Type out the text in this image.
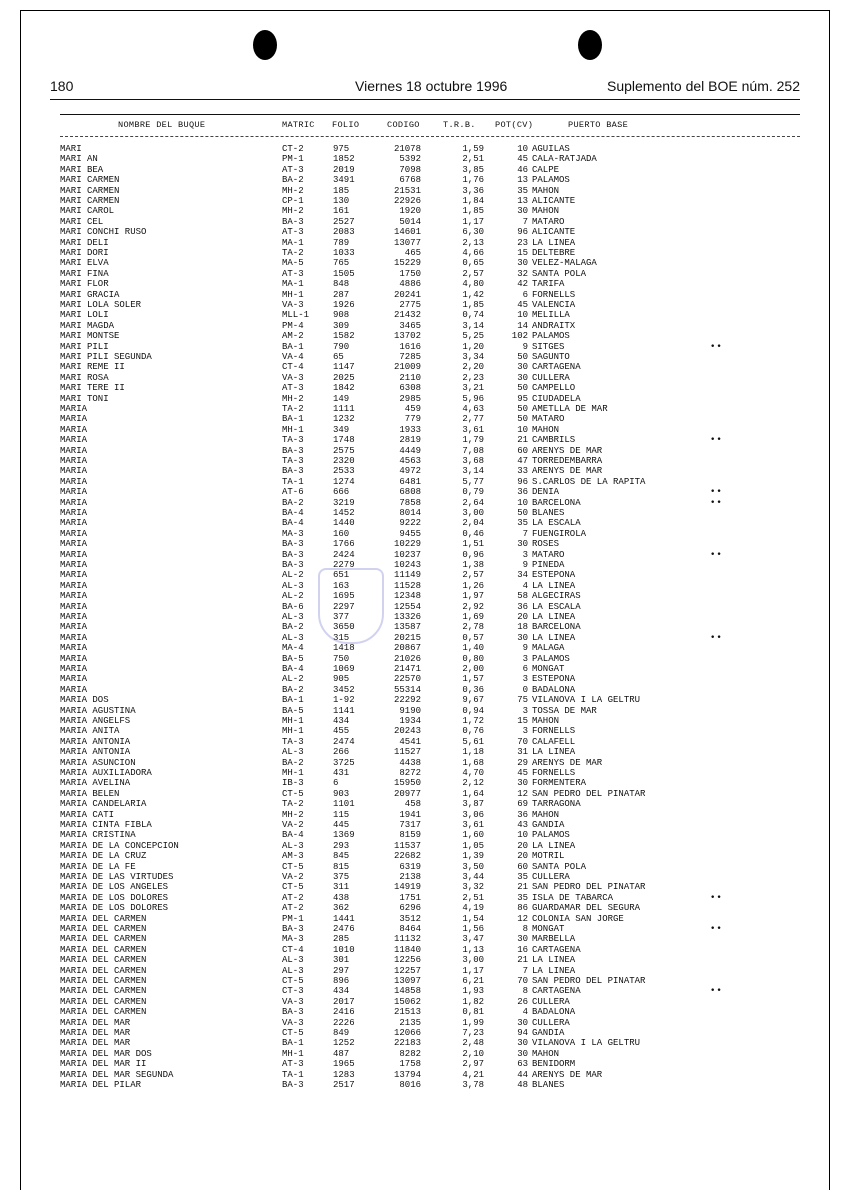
180	Viernes 18 octubre 1996	Suplemento del BOE núm. 252
NOMBRE DEL BUQUE	MATRIC FOLIO	CODIGO	T.R.B. POT(CV)	PUERTO BASE
MARI	CT-2	975	21078	1,59	10 AGUILAS
MARI AN	PM-1	1852	5392	2,51	45 CALA-RATJADA
MARI BEA	AT-3	2019	7098	3,85	46 CALPE
MARI CARMEN	BA-2	3491	6768	1,76	13 PALAMOS
MARI CARMEN	MH-2	185	21531	3,36	35 MAHON
MARI CARMEN	CP-1	130	22926	1,84	13 ALICANTE
MARI CAROL	MH-2	161	1920	1,85	30 MAHON
MARI CEL	BA-3	2527	5014	1,17	7 MATARO
MARI CONCHI RUSO	AT-3	2083	14601	6,30	96 ALICANTE
MARI DELI	MA-1	789	13077	2,13	23 LA LINEA
MARI DORI	TA-2	1033	465	4,66	15 DELTEBRE
MARI ELVA	MA-5	765	15229	0,65	30 VELEZ-MALAGA
MARI FINA	AT-3	1505	1750	2,57	32 SANTA POLA
MARI FLOR	MA-1	848	4886	4,80	42 TARIFA
MARI GRACIA	MH-1	287	20241	1,42	6 FORNELLS
MARI LOLA SOLER	VA-3	1926	2775	1,85	45 VALENCIA
MARI LOLI	MLL-1	908	21432	0,74	10 MELILLA
MARI MAGDA	PM-4	309	3465	3,14	14 ANDRAITX
MARI MONTSE	AM-2	1582	13702	5,25	102 PALAMOS
MARI PILI	BA-1	790	1616	1,20	9 SITGES	••
MARI PILI SEGUNDA	VA-4	65	7285	3,34	50 SAGUNTO
MARI REME II	CT-4	1147	21009	2,20	30 CARTAGENA
MARI ROSA	VA-3	2025	2110	2,23	30 CULLERA
MARI TERE II	AT-3	1842	6308	3,21	50 CAMPELLO
MARI TONI	MH-2	149	2985	5,96	95 CIUDADELA
MARIA	TA-2	1111	459	4,63	50 AMETLLA DE MAR
MARIA	BA-1	1232	779	2,77	50 MATARO
MARIA	MH-1	349	1933	3,61	10 MAHON
MARIA	TA-3	1748	2819	1,79	21 CAMBRILS	••
MARIA	BA-3	2575	4449	7,08	60 ARENYS DE MAR
MARIA	TA-3	2320	4563	3,68	47 TORREDEMBARRA
MARIA	BA-3	2533	4972	3,14	33 ARENYS DE MAR
MARIA	TA-1	1274	6481	5,77	96 S.CARLOS DE LA RAPITA
MARIA	AT-6	666	6808	0,79	36 DENIA	••
MARIA	BA-2	3219	7858	2,64	10 BARCELONA	••
MARIA	BA-4	1452	8014	3,00	50 BLANES
MARIA	BA-4	1440	9222	2,04	35 LA ESCALA
MARIA	MA-3	160	9455	0,46	7 FUENGIROLA
MARIA	BA-3	1766	10229	1,51	30 ROSES
MARIA	BA-3	2424	10237	0,96	3 MATARO	••
MARIA	BA-3	2279	10243	1,38	9 PINEDA
MARIA	AL-2	651	11149	2,57	34 ESTEPONA
MARIA	AL-3	163	11528	1,26	4 LA LINEA
MARIA	AL-2	1695	12348	1,97	58 ALGECIRAS
MARIA	BA-6	2297	12554	2,92	36 LA ESCALA
MARIA	AL-3	377	13326	1,69	20 LA LINEA
MARIA	BA-2	3650	13587	2,78	18 BARCELONA
MARIA	AL-3	315	20215	0,57	30 LA LINEA	••
MARIA	MA-4	1418	20867	1,40	9 MALAGA
MARIA	BA-5	750	21026	0,80	3 PALAMOS
MARIA	BA-4	1069	21471	2,00	6 MONGAT
MARIA	AL-2	905	22570	1,57	3 ESTEPONA
MARIA	BA-2	3452	55314	0,36	0 BADALONA
MARIA DOS	BA-1	1-92	22292	9,67	75 VILANOVA I LA GELTRU
MARIA AGUSTINA	BA-5	1141	9190	0,94	3 TOSSA DE MAR
MARIA ANGELFS	MH-1	434	1934	1,72	15 MAHON
MARIA ANITA	MH-1	455	20243	0,76	3 FORNELLS
MARIA ANTONIA	TA-3	2474	4541	5,61	70 CALAFELL
MARIA ANTONIA	AL-3	266	11527	1,18	31 LA LINEA
MARIA ASUNCION	BA-2	3725	4438	1,68	29 ARENYS DE MAR
MARIA AUXILIADORA	MH-1	431	8272	4,70	45 FORNELLS
MARIA AVELINA	IB-3	6	15950	2,12	30 FORMENTERA
MARIA BELEN	CT-5	903	20977	1,64	12 SAN PEDRO DEL PINATAR
MARIA CANDELARIA	TA-2	1101	458	3,87	69 TARRAGONA
MARIA CATI	MH-2	115	1941	3,06	36 MAHON
MARIA CINTA FIBLA	VA-2	445	7317	3,61	43 GANDIA
MARIA CRISTINA	BA-4	1369	8159	1,60	10 PALAMOS
MARIA DE LA CONCEPCION	AL-3	293	11537	1,05	20 LA LINEA
MARIA DE LA CRUZ	AM-3	845	22682	1,39	20 MOTRIL
MARIA DE LA FE	CT-5	815	6319	3,50	60 SANTA POLA
MARIA DE LAS VIRTUDES	VA-2	375	2138	3,44	35 CULLERA
MARIA DE LOS ANGELES	CT-5	311	14919	3,32	21 SAN PEDRO DEL PINATAR
MARIA DE LOS DOLORES	AT-2	438	1751	2,51	35 ISLA DE TABARCA	••
MARIA DE LOS DOLORES	AT-2	362	6296	4,19	86 GUARDAMAR DEL SEGURA
MARIA DEL CARMEN	PM-1	1441	3512	1,54	12 COLONIA SAN JORGE
MARIA DEL CARMEN	BA-3	2476	8464	1,56	8 MONGAT	••
MARIA DEL CARMEN	MA-3	285	11132	3,47	30 MARBELLA
MARIA DEL CARMEN	CT-4	1010	11840	1,13	16 CARTAGENA
MARIA DEL CARMEN	AL-3	301	12256	3,00	21 LA LINEA
MARIA DEL CARMEN	AL-3	297	12257	1,17	7 LA LINEA
MARIA DEL CARMEN	CT-5	896	13097	6,21	70 SAN PEDRO DEL PINATAR
MARIA DEL CARMEN	CT-3	434	14858	1,93	8 CARTAGENA	••
MARIA DEL CARMEN	VA-3	2017	15062	1,82	26 CULLERA
MARIA DEL CARMEN	BA-3	2416	21513	0,81	4 BADALONA
MARIA DEL MAR	VA-3	2226	2135	1,99	30 CULLERA
MARIA DEL MAR	CT-5	849	12066	7,23	94 GANDIA
MARIA DEL MAR	BA-1	1252	22183	2,48	30 VILANOVA I LA GELTRU
MARIA DEL MAR DOS	MH-1	487	8282	2,10	30 MAHON
MARIA DEL MAR II	AT-3	1965	1758	2,97	63 BENIDORM
MARIA DEL MAR SEGUNDA	TA-1	1283	13794	4,21	44 ARENYS DE MAR
MARIA DEL PILAR	BA-3	2517	8016	3,78	48 BLANES
